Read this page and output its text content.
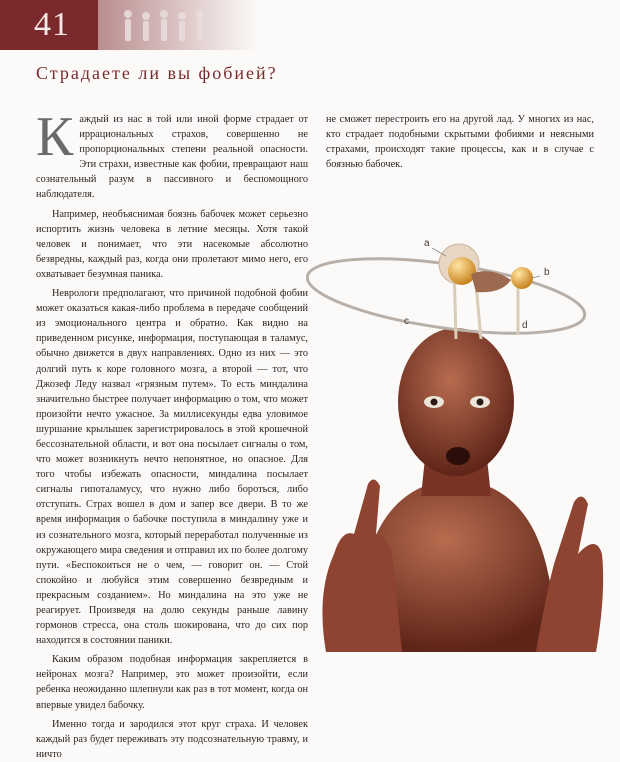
41
Страдаете ли вы фобией?

Каждый из нас в той или иной форме страдает от иррациональных страхов, совершенно не пропорциональных степени реальной опасности. Эти страхи, известные как фобии, превращают наш сознательный разум в пассивного и беспомощного наблюдателя.

Например, необъяснимая боязнь бабочек может серьезно испортить жизнь человека в летние месяцы. Хотя такой человек и понимает, что эти насекомые абсолютно безвредны, каждый раз, когда они пролетают мимо него, его охватывает безумная паника.

Неврологи предполагают, что причиной подобной фобии может оказаться какая-либо проблема в передаче сообщений из эмоционального центра и обратно. Как видно на приведенном рисунке, информация, поступающая в таламус, обычно движется в двух направлениях. Одно из них — это долгий путь к коре головного мозга, а второй — тот, что Джозеф Леду назвал «грязным путем». То есть миндалина значительно быстрее получает информацию о том, что может произойти нечто ужасное. За миллисекунды едва уловимое шуршание крылышек зарегистрировалось в этой крошечной бессознательной области, и вот она посылает сигналы о том, что может возникнуть нечто непонятное, но опасное. Для того чтобы избежать опасности, миндалина посылает сигналы гипоталамусу, что нужно либо бороться, либо отступать. Страх вошел в дом и запер все двери. В то же время информация о бабочке поступила в миндалину уже и из сознательного мозга, который переработал полученные из окружающего мира сведения и отправил их по более долгому пути. «Беспокоиться не о чем, — говорит он. — Стой спокойно и любуйся этим совершенно безвредным и прекрасным созданием». Но миндалина на это уже не реагирует. Произведя на долю секунды раньше лавину гормонов стресса, она столь шокирована, что до сих пор находится в состоянии паники.

Каким образом подобная информация закрепляется в нейронах мозга? Например, это может произойти, если ребенка неожиданно шлепнули как раз в тот момент, когда он впервые увидел бабочку.

Именно тогда и зародился этот круг страха. И человек каждый раз будет переживать эту подсознательную травму, и ничто

не сможет перестроить его на другой лад. У многих из нас, кто страдает подобными скрытыми фобиями и неясными страхами, происходят такие процессы, как и в случае с боязнью бабочек.

a
b
c	d
